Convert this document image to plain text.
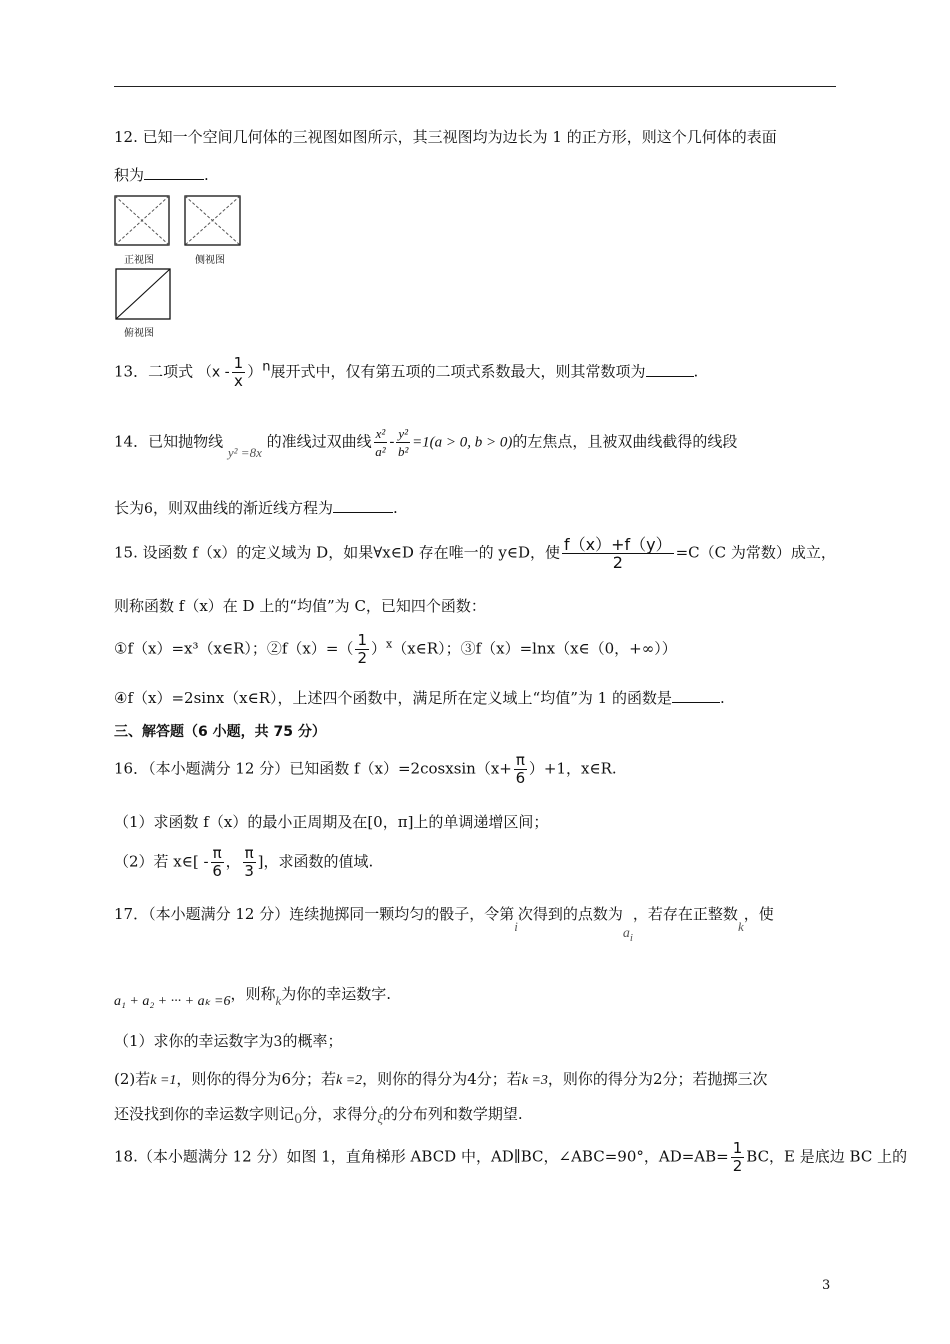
12. 已知一个空间几何体的三视图如图所示，其三视图均为边长为 1 的正方形，则这个几何体的表面
积为	.
正视图	侧视图
俯视图
13．二项式 $(x - \frac{1}{x} )^n$展开式中，仅有第五项的二项式系数最大，则其常数项为	.
14．已知抛物线 y² =8x 的准线过双曲线 $\frac{\text{x²}}{\text{a²}} - \frac{\text{y²}}{\text{b²}} =1(a > 0$, b > 0)的左焦点，且被双曲线截得的线段
长为6，则双曲线的渐近线方程为	.
15. 设函数 f（x）的定义域为 D，如果∀x∈D 存在唯一的 y∈D，使 $\frac{f(x)+f(y)}{2} =C(C$ 为常数）成立，
则称函数 f（x）在 D 上的“均值”为 C，已知四个函数：
①f（x）=x³（x∈R）；②f（x）=（ $\frac{1}{2}$ ）$^x$（x∈R）；③f（x）=lnx（x∈（0，+∞））
④f（x）=2sinx（x∈R），上述四个函数中，满足所在定义域上“均值”为 1 的函数是	.
三、解答题（6 小题，共 75 分）
16．（本小题满分 12 分）已知函数 f（x）=2cosxsin（x+ $\frac{\pi}{6} )+1$，x∈R.
（1）求函数 f（x）的最小正周期及在[0，π]上的单调递增区间；
（2）若 x∈[ - $\frac{\pi}{6}$ ， $\frac{\pi}{3}$ ]，求函数的值域.
17．（本小题满分 12 分）连续抛掷同一颗均匀的骰子，令第i次得到的点数为$a_i$，若存在正整数k，使
a₁ + a₂ + ··· + aₖ =6，则称k为你的幸运数字.
（1）求你的幸运数字为3的概率；
(2)若k =1，则你的得分为6分；若k =2，则你的得分为4分；若k =3，则你的得分为2分；若抛掷三次
还没找到你的幸运数字则记0分，求得分ξ的分布列和数学期望.
18.（本小题满分 12 分）如图 1，直角梯形 ABCD 中，AD∥BC，∠ABC=90°，$AD=AB= \frac{1}{2}$ BC，E 是底边 BC 上的
3
